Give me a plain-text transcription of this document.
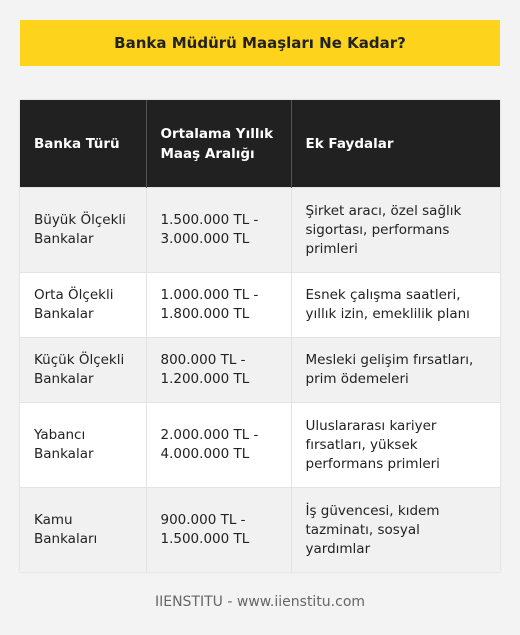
Banka Müdürü Maaşları Ne Kadar?
Banka Türü	Ortalama Yıllık Maaş Aralığı	Ek Faydalar
Büyük Ölçekli Bankalar	1.500.000 TL - 3.000.000 TL	Şirket aracı, özel sağlık sigortası, performans primleri
Orta Ölçekli Bankalar	1.000.000 TL - 1.800.000 TL	Esnek çalışma saatleri, yıllık izin, emeklilik planı
Küçük Ölçekli Bankalar	800.000 TL - 1.200.000 TL	Mesleki gelişim fırsatları, prim ödemeleri
Yabancı Bankalar	2.000.000 TL - 4.000.000 TL	Uluslararası kariyer fırsatları, yüksek performans primleri
Kamu Bankaları	900.000 TL - 1.500.000 TL	İş güvencesi, kıdem tazminatı, sosyal yardımlar
IIENSTITU - www.iienstitu.com
